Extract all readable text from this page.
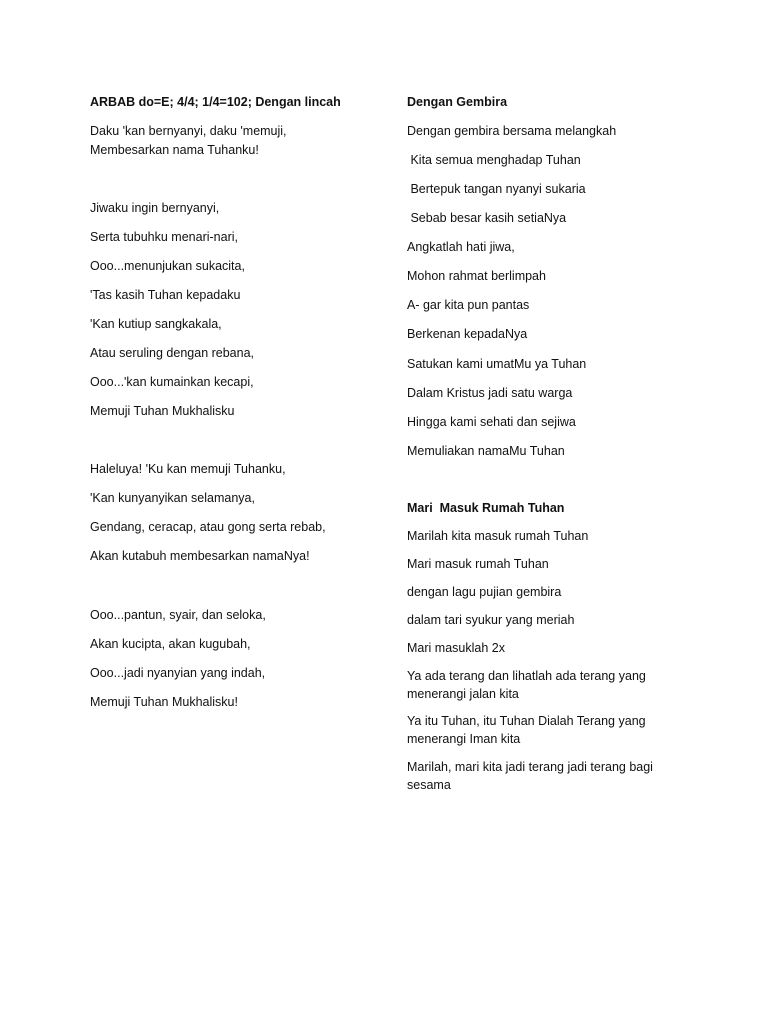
ARBAB do=E; 4/4; 1/4=102; Dengan lincah
Daku 'kan bernyanyi, daku 'memuji,
Membesarkan nama Tuhanku!
Jiwaku ingin bernyanyi,
Serta tubuhku menari-nari,
Ooo...menunjukan sukacita,
'Tas kasih Tuhan kepadaku
'Kan kutiup sangkakala,
Atau seruling dengan rebana,
Ooo...'kan kumainkan kecapi,
Memuji Tuhan Mukhalisku
Haleluya! 'Ku kan memuji Tuhanku,
'Kan kunyanyikan selamanya,
Gendang, ceracap, atau gong serta rebab,
Akan kutabuh membesarkan namaNya!
Ooo...pantun, syair, dan seloka,
Akan kucipta, akan kugubah,
Ooo...jadi nyanyian yang indah,
Memuji Tuhan Mukhalisku!
Dengan Gembira
Dengan gembira bersama melangkah
Kita semua menghadap Tuhan
Bertepuk tangan nyanyi sukaria
Sebab besar kasih setiaNya
Angkatlah hati jiwa,
Mohon rahmat berlimpah
A- gar kita pun pantas
Berkenan kepadaNya
Satukan kami umatMu ya Tuhan
Dalam Kristus jadi satu warga
Hingga kami sehati dan sejiwa
Memuliakan namaMu Tuhan
Mari  Masuk Rumah Tuhan
Marilah kita masuk rumah Tuhan
Mari masuk rumah Tuhan
dengan lagu pujian gembira
dalam tari syukur yang meriah
Mari masuklah 2x
Ya ada terang dan lihatlah ada terang yang menerangi jalan kita
Ya itu Tuhan, itu Tuhan Dialah Terang yang menerangi Iman kita
Marilah, mari kita jadi terang jadi terang bagi sesama
